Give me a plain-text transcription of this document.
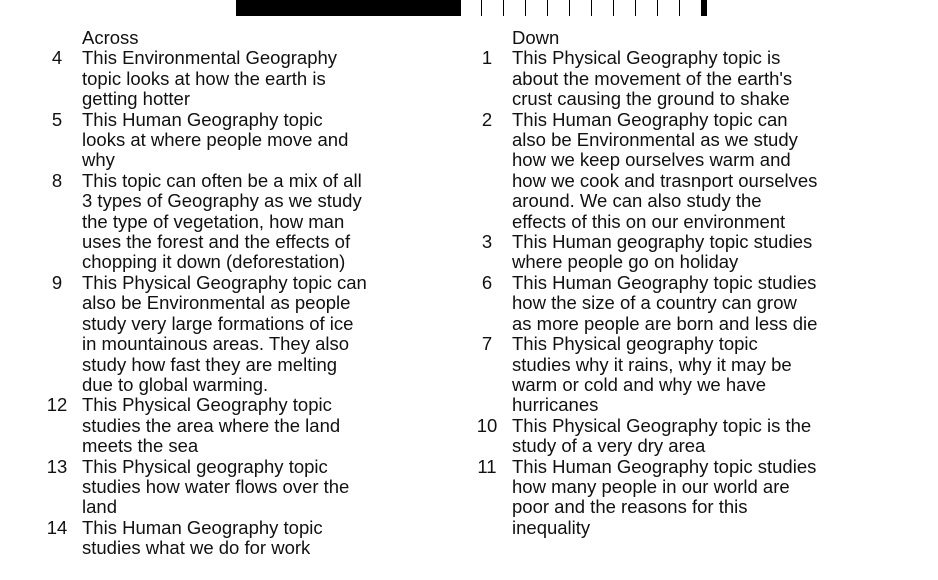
Across
4	This Environmental Geography
topic looks at how the earth is
getting hotter
5	This Human Geography topic
looks at where people move and
why
8	This topic can often be a mix of all
3 types of Geography as we study
the type of vegetation, how man
uses the forest and the effects of
chopping it down (deforestation)
9	This Physical Geography topic can
also be Environmental as people
study very large formations of ice
in mountainous areas. They also
study how fast they are melting
due to global warming.
12 This Physical Geography topic
studies the area where the land
meets the sea
13 This Physical geography topic
studies how water flows over the
land
14 This Human Geography topic
studies what we do for work
Down
1	This Physical Geography topic is
about the movement of the earth's
crust causing the ground to shake
2	This Human Geography topic can
also be Environmental as we study
how we keep ourselves warm and
how we cook and trasnport ourselves
around. We can also study the
effects of this on our environment
3	This Human geography topic studies
where people go on holiday
6	This Human Geography topic studies
how the size of a country can grow
as more people are born and less die
7	This Physical geography topic
studies why it rains, why it may be
warm or cold and why we have
hurricanes
10 This Physical Geography topic is the
study of a very dry area
11 This Human Geography topic studies
how many people in our world are
poor and the reasons for this
inequality
